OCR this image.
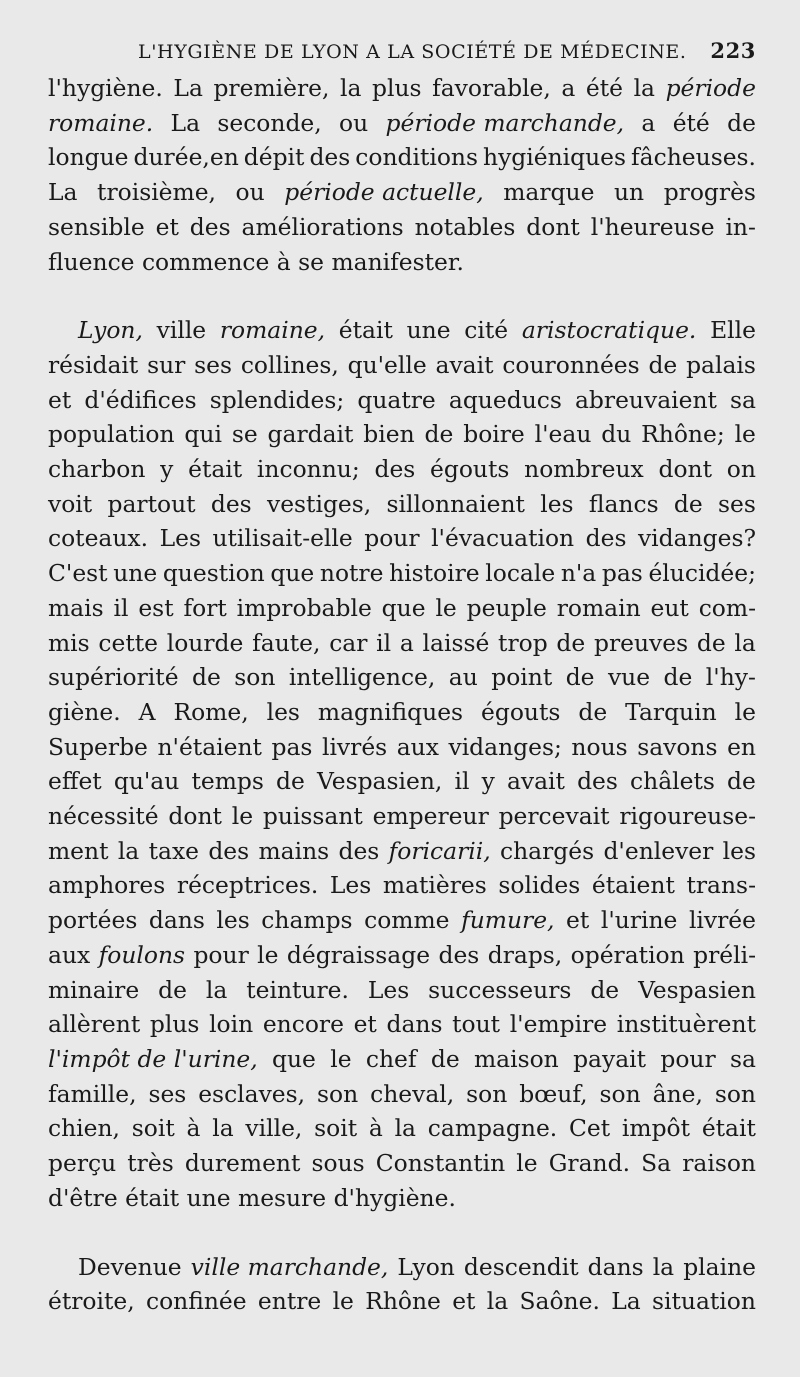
L'HYGIÈNE DE LYON A LA SOCIÉTÉ DE MÉDECINE. 223
l'hygiène. La première, la plus favorable, a été la période
romaine. La seconde, ou période marchande, a été de
longue durée,en dépit des conditions hygiéniques fâcheuses.
La troisième, ou période actuelle, marque un progrès
sensible et des améliorations notables dont l'heureuse in-
fluence commence à se manifester.
Lyon, ville romaine, était une cité aristocratique. Elle
résidait sur ses collines, qu'elle avait couronnées de palais
et d'édifices splendides; quatre aqueducs abreuvaient sa
population qui se gardait bien de boire l'eau du Rhône; le
charbon y était inconnu; des égouts nombreux dont on
voit partout des vestiges, sillonnaient les flancs de ses
coteaux. Les utilisait-elle pour l'évacuation des vidanges?
C'est une question que notre histoire locale n'a pas élucidée;
mais il est fort improbable que le peuple romain eut com-
mis cette lourde faute, car il a laissé trop de preuves de la
supériorité de son intelligence, au point de vue de l'hy-
giène. A Rome, les magnifiques égouts de Tarquin le
Superbe n'étaient pas livrés aux vidanges; nous savons en
effet qu'au temps de Vespasien, il y avait des châlets de
nécessité dont le puissant empereur percevait rigoureuse-
ment la taxe des mains des foricarii, chargés d'enlever les
amphores réceptrices. Les matières solides étaient trans-
portées dans les champs comme fumure, et l'urine livrée
aux foulons pour le dégraissage des draps, opération préli-
minaire de la teinture. Les successeurs de Vespasien
allèrent plus loin encore et dans tout l'empire instituèrent
l'impôt de l'urine, que le chef de maison payait pour sa
famille, ses esclaves, son cheval, son bœuf, son âne, son
chien, soit à la ville, soit à la campagne. Cet impôt était
perçu très durement sous Constantin le Grand. Sa raison
d'être était une mesure d'hygiène.
Devenue ville marchande, Lyon descendit dans la plaine
étroite, confinée entre le Rhône et la Saône. La situation
